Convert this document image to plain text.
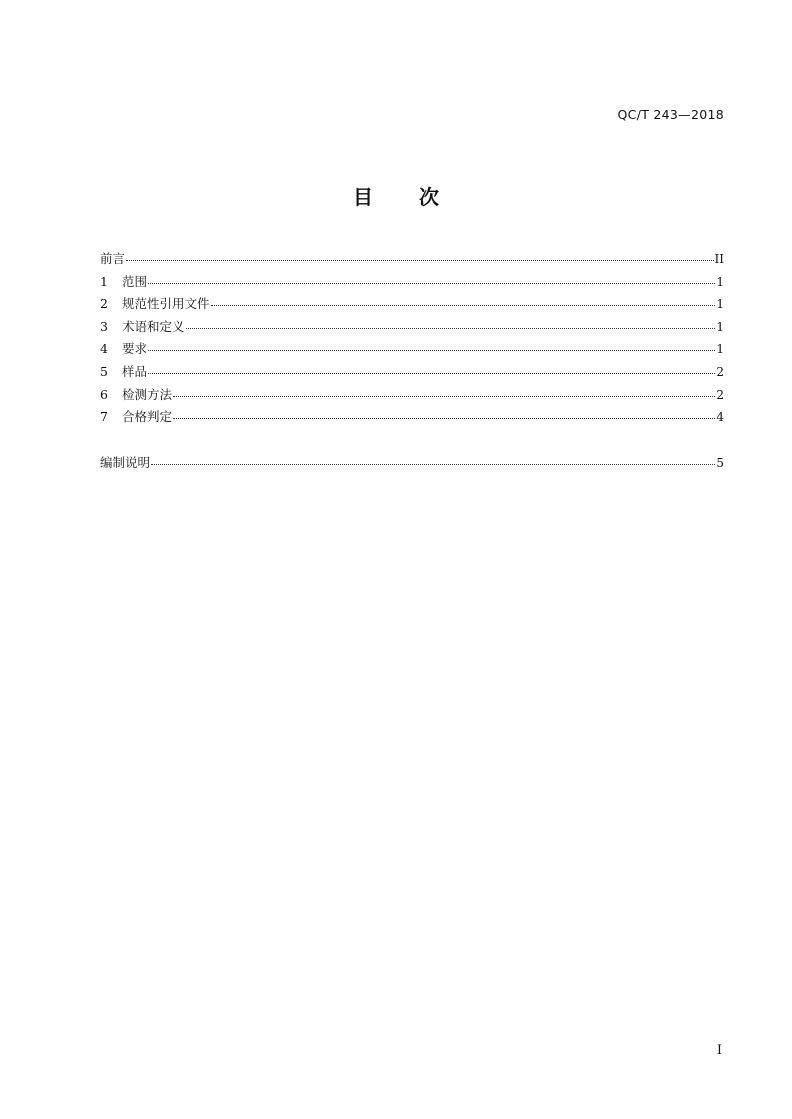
QC/T 243—2018
目 次
前言	II
1	范围	1
2	规范性引用文件	1
3	术语和定义	1
4	要求	1
5	样品	2
6	检测方法	2
7	合格判定	4
编制说明	5
I
